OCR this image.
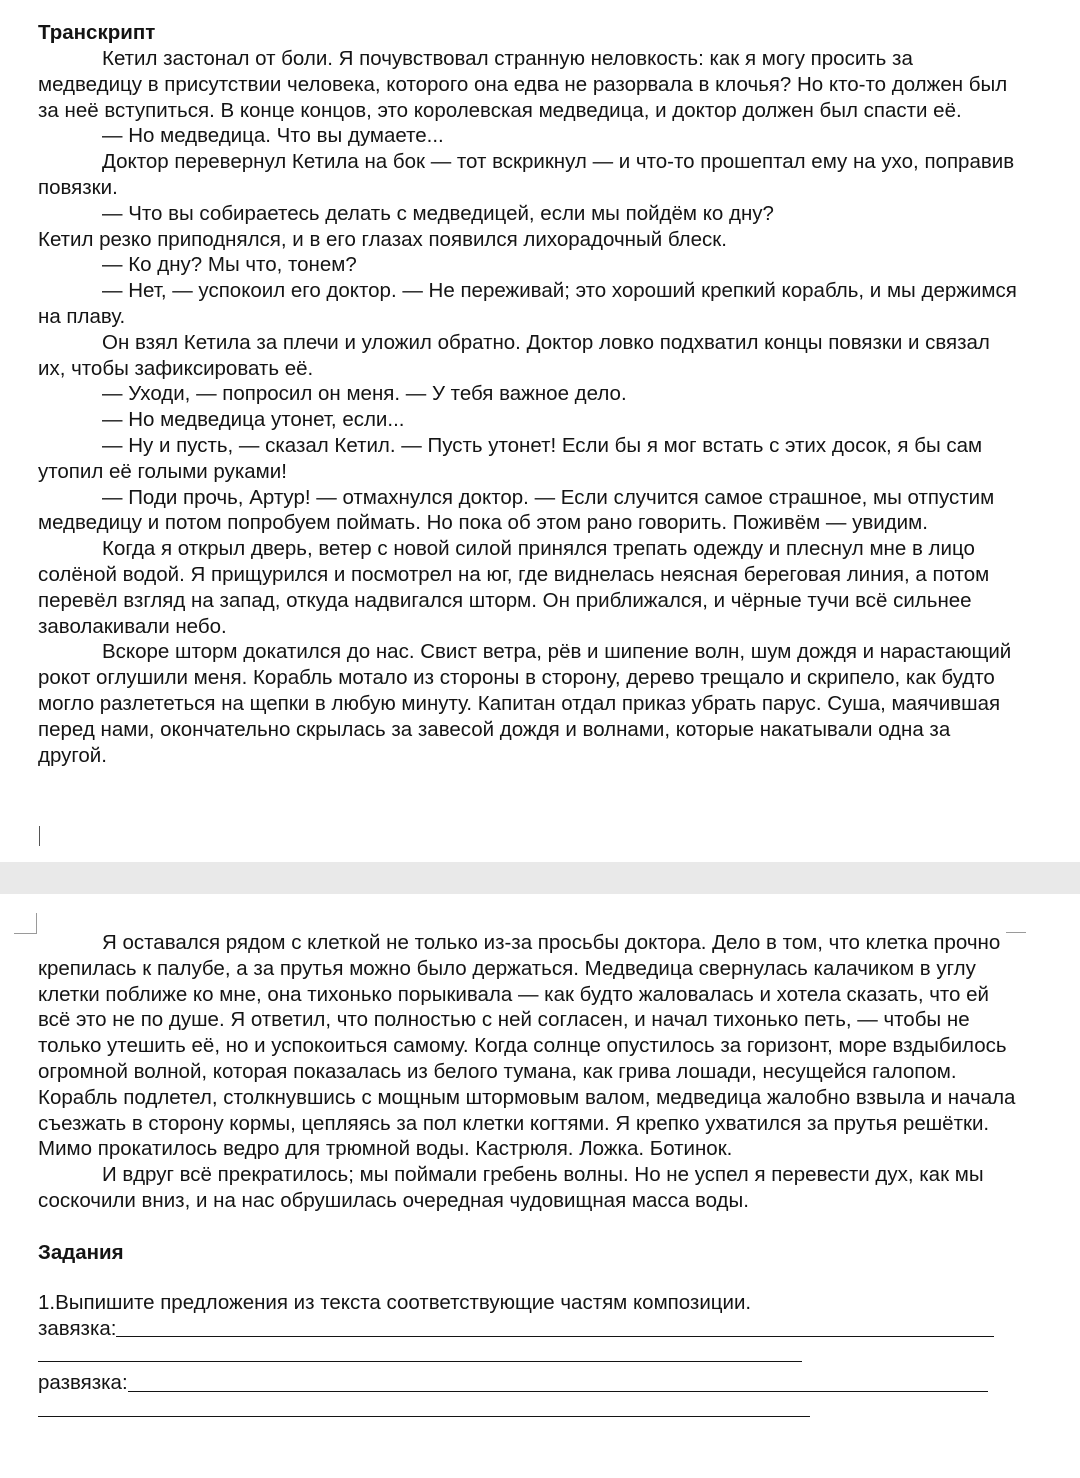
Транскрипт

Кетил застонал от боли. Я почувствовал странную неловкость: как я могу просить за медведицу в присутствии человека, которого она едва не разорвала в клочья? Но кто-то должен был за неё вступиться. В конце концов, это королевская медведица, и доктор должен был спасти её.

— Но медведица. Что вы думаете...

Доктор перевернул Кетила на бок — тот вскрикнул — и что-то прошептал ему на ухо, поправив повязки.

— Что вы собираетесь делать с медведицей, если мы пойдём ко дну?

Кетил резко приподнялся, и в его глазах появился лихорадочный блеск.

— Ко дну? Мы что, тонем?

— Нет, — успокоил его доктор. — Не переживай; это хороший крепкий корабль, и мы держимся на плаву.

Он взял Кетила за плечи и уложил обратно. Доктор ловко подхватил концы повязки и связал их, чтобы зафиксировать её.

— Уходи, — попросил он меня. — У тебя важное дело.

— Но медведица утонет, если...

— Ну и пусть, — сказал Кетил. — Пусть утонет! Если бы я мог встать с этих досок, я бы сам утопил её голыми руками!

— Поди прочь, Артур! — отмахнулся доктор. — Если случится самое страшное, мы отпустим медведицу и потом попробуем поймать. Но пока об этом рано говорить. Поживём — увидим.

Когда я открыл дверь, ветер с новой силой принялся трепать одежду и плеснул мне в лицо солёной водой. Я прищурился и посмотрел на юг, где виднелась неясная береговая линия, а потом перевёл взгляд на запад, откуда надвигался шторм. Он приближался, и чёрные тучи всё сильнее заволакивали небо.

Вскоре шторм докатился до нас. Свист ветра, рёв и шипение волн, шум дождя и нарастающий рокот оглушили меня. Корабль мотало из стороны в сторону, дерево трещало и скрипело, как будто могло разлететься на щепки в любую минуту. Капитан отдал приказ убрать парус. Суша, маячившая перед нами, окончательно скрылась за завесой дождя и волнами, которые накатывали одна за другой.

Я оставался рядом с клеткой не только из-за просьбы доктора. Дело в том, что клетка прочно крепилась к палубе, а за прутья можно было держаться. Медведица свернулась калачиком в углу клетки поближе ко мне, она тихонько порыкивала — как будто жаловалась и хотела сказать, что ей всё это не по душе. Я ответил, что полностью с ней согласен, и начал тихонько петь, — чтобы не только утешить её, но и успокоиться самому. Когда солнце опустилось за горизонт, море вздыбилось огромной волной, которая показалась из белого тумана, как грива лошади, несущейся галопом. Корабль подлетел, столкнувшись с мощным штормовым валом, медведица жалобно взвыла и начала съезжать в сторону кормы, цепляясь за пол клетки когтями. Я крепко ухватился за прутья решётки. Мимо прокатилось ведро для трюмной воды. Кастрюля. Ложка. Ботинок.

И вдруг всё прекратилось; мы поймали гребень волны. Но не успел я перевести дух, как мы соскочили вниз, и на нас обрушилась очередная чудовищная масса воды.

Задания

1.Выпишите предложения из текста соответствующие частям композиции.

завязка:
развязка:
